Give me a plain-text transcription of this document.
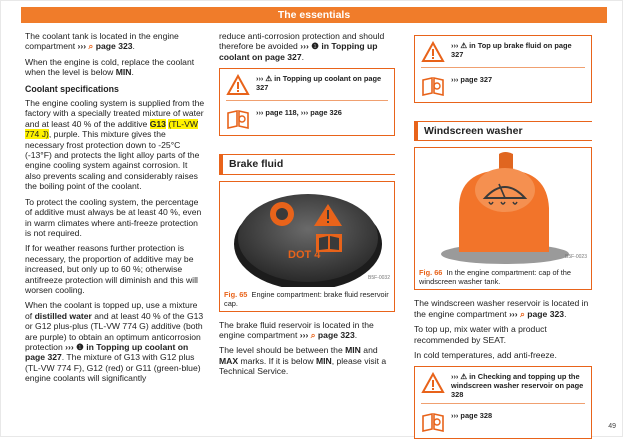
The essentials

The coolant tank is located in the engine compartment ››› ⌕ page 323.

When the engine is cold, replace the coolant when the level is below MIN.

Coolant specifications

The engine cooling system is supplied from the factory with a specially treated mixture of water and at least 40 % of the additive G13 (TL-VW 774 J), purple. This mixture gives the necessary frost protection down to -25°C (-13°F) and protects the light alloy parts of the engine cooling system against corrosion. It also prevents scaling and considerably raises the boiling point of the coolant.

To protect the cooling system, the percentage of additive must always be at least 40 %, even in warm climates where anti-freeze protection is not required.

If for weather reasons further protection is necessary, the proportion of additive may be increased, but only up to 60 %; otherwise antifreeze protection will diminish and this will worsen cooling.

When the coolant is topped up, use a mixture of distilled water and at least 40 % of the G13 or G12 plus-plus (TL-VW 774 G) additive (both are purple) to obtain an optimum anticorrosion protection ››› ❶ in Topping up coolant on page 327. The mixture of G13 with G12 plus (TL-VW 774 F), G12 (red) or G11 (green-blue) engine coolants will significantly

reduce anti-corrosion protection and should therefore be avoided ››› ❶ in Topping up coolant on page 327.

››› ⚠ in Topping up coolant on page 327
››› page 118, ››› page 326
Brake fluid
DOT 4
B5F-0032
Fig. 65 Engine compartment: brake fluid reservoir cap.

The brake fluid reservoir is located in the engine compartment ››› ⌕ page 323.

The level should be between the MIN and MAX marks. If it is below MIN, please visit a Technical Service.

››› ⚠ in Top up brake fluid on page 327
››› page 327
Windscreen washer
B5F-0023
Fig. 66 In the engine compartment: cap of the windscreen washer tank.

The windscreen washer reservoir is located in the engine compartment ››› ⌕ page 323.

To top up, mix water with a product recommended by SEAT.

In cold temperatures, add anti-freeze.

››› ⚠ in Checking and topping up the windscreen washer reservoir on page 328
››› page 328
49
